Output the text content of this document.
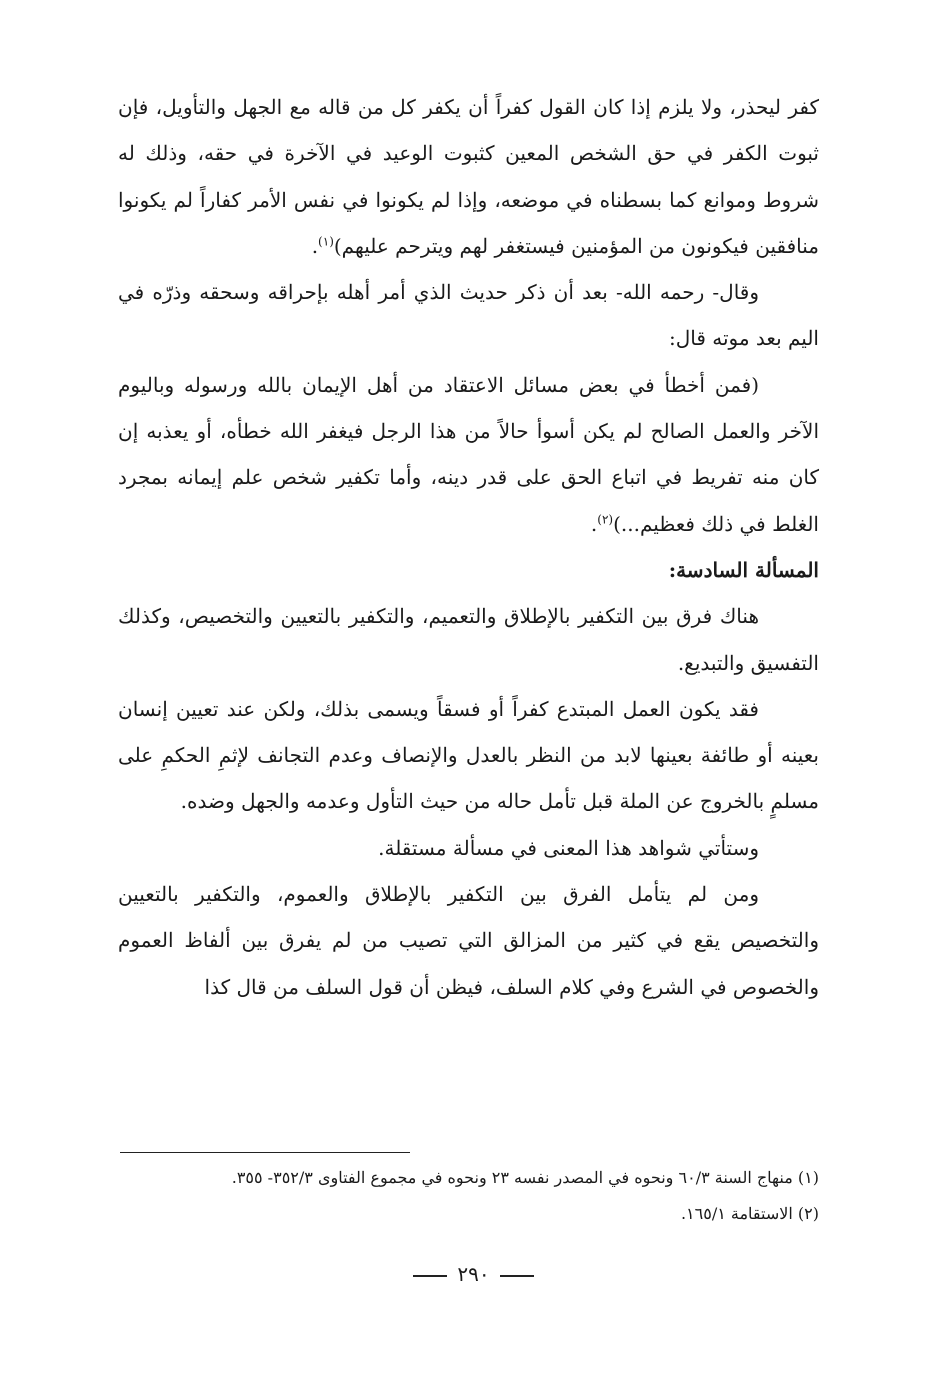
كفر ليحذر، ولا يلزم إذا كان القول كفراً أن يكفر كل من قاله مع الجهل والتأويل، فإن ثبوت الكفر في حق الشخص المعين كثبوت الوعيد في الآخرة في حقه، وذلك له شروط وموانع كما بسطناه في موضعه، وإذا لم يكونوا في نفس الأمر كفاراً لم يكونوا منافقين فيكونون من المؤمنين فيستغفر لهم ويترحم عليهم)$^{(١)}$.

وقال- رحمه الله- بعد أن ذكر حديث الذي أمر أهله بإحراقه وسحقه وذرّه في اليم بعد موته قال:

(فمن أخطأ في بعض مسائل الاعتقاد من أهل الإيمان بالله ورسوله وباليوم الآخر والعمل الصالح لم يكن أسوأ حالاً من هذا الرجل فيغفر الله خطأه، أو يعذبه إن كان منه تفريط في اتباع الحق على قدر دينه، وأما تكفير شخص علم إيمانه بمجرد الغلط في ذلك فعظيم...)$^{(٢)}$.

المسألة السادسة:

هناك فرق بين التكفير بالإطلاق والتعميم، والتكفير بالتعيين والتخصيص، وكذلك التفسيق والتبديع.

فقد يكون العمل المبتدع كفراً أو فسقاً ويسمى بذلك، ولكن عند تعيين إنسان بعينه أو طائفة بعينها لابد من النظر بالعدل والإنصاف وعدم التجانف لإثمِ الحكمِ على مسلمٍ بالخروج عن الملة قبل تأمل حاله من حيث التأول وعدمه والجهل وضده.

وستأتي شواهد هذا المعنى في مسألة مستقلة.

ومن لم يتأمل الفرق بين التكفير بالإطلاق والعموم، والتكفير بالتعيين والتخصيص يقع في كثير من المزالق التي تصيب من لم يفرق بين ألفاظ العموم والخصوص في الشرع وفي كلام السلف، فيظن أن قول السلف من قال كذا

(١) منهاج السنة ٦٠/٣ ونحوه في المصدر نفسه ٢٣ ونحوه في مجموع الفتاوى ٣٥٢/٣- ٣٥٥.

(٢) الاستقامة ١٦٥/١.

٢٩٠
